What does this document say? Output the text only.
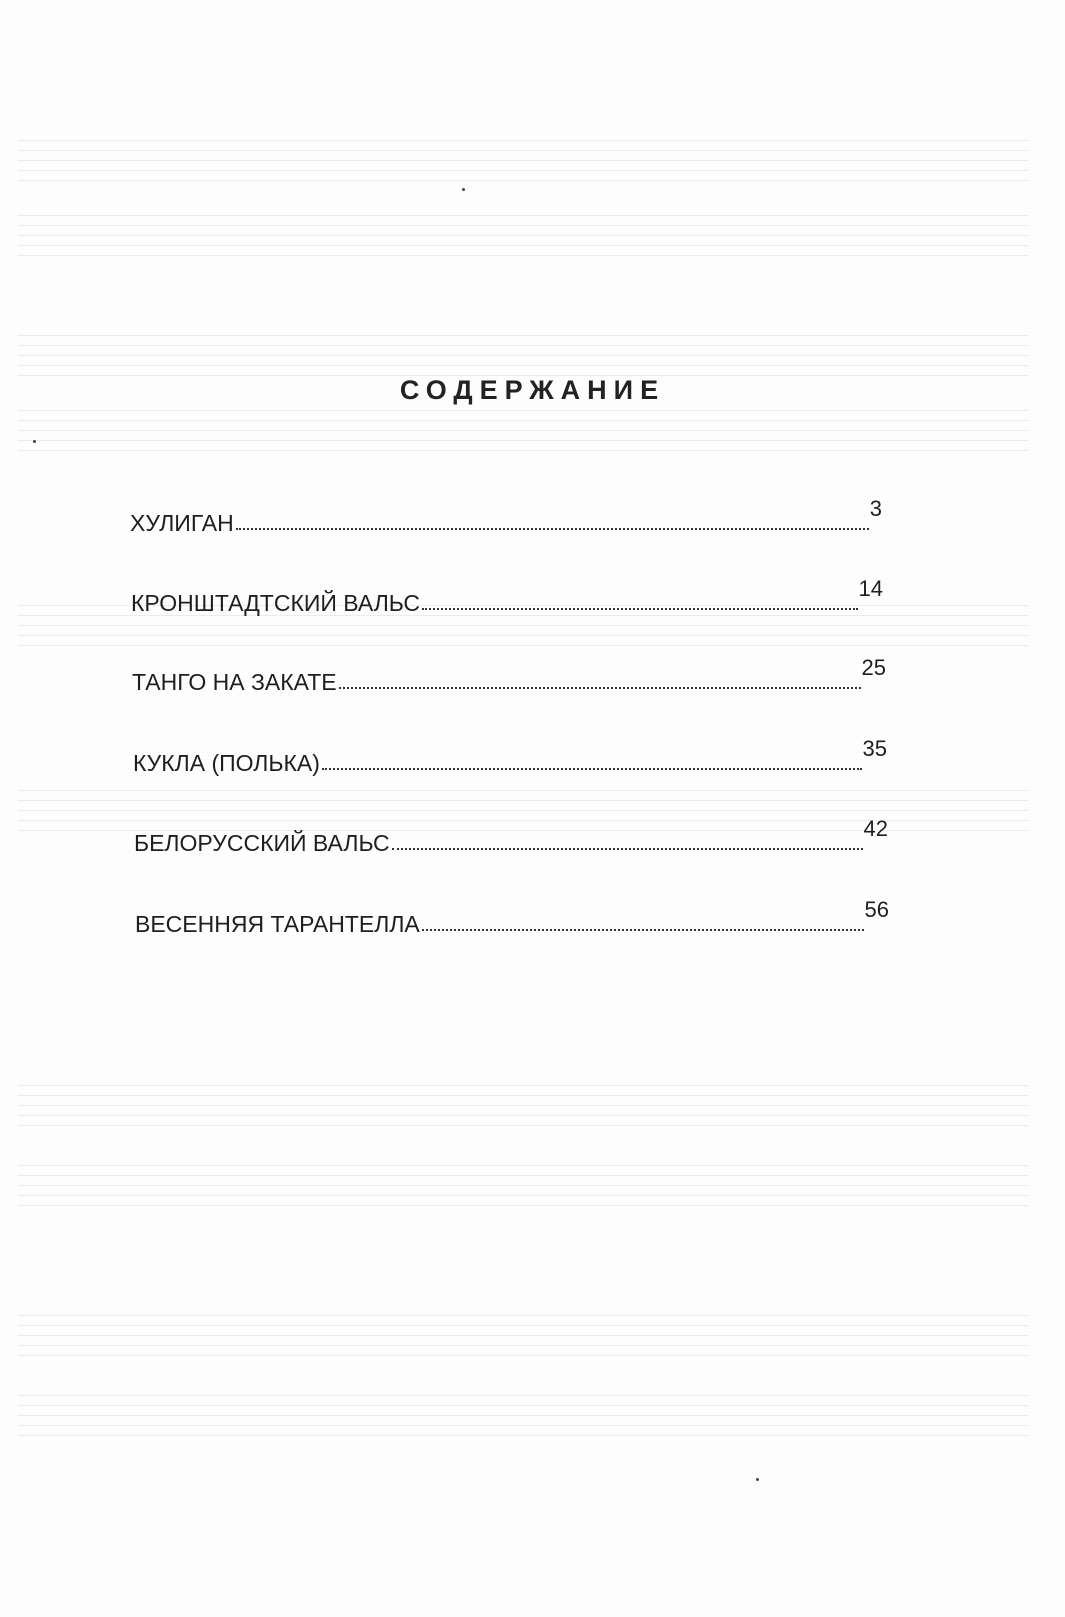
СОДЕРЖАНИЕ
ХУЛИГАН
3
КРОНШТАДТСКИЙ ВАЛЬС
14
ТАНГО НА ЗАКАТЕ
25
КУКЛА (ПОЛЬКА)
35
БЕЛОРУССКИЙ ВАЛЬС
42
ВЕСЕННЯЯ ТАРАНТЕЛЛА
56
